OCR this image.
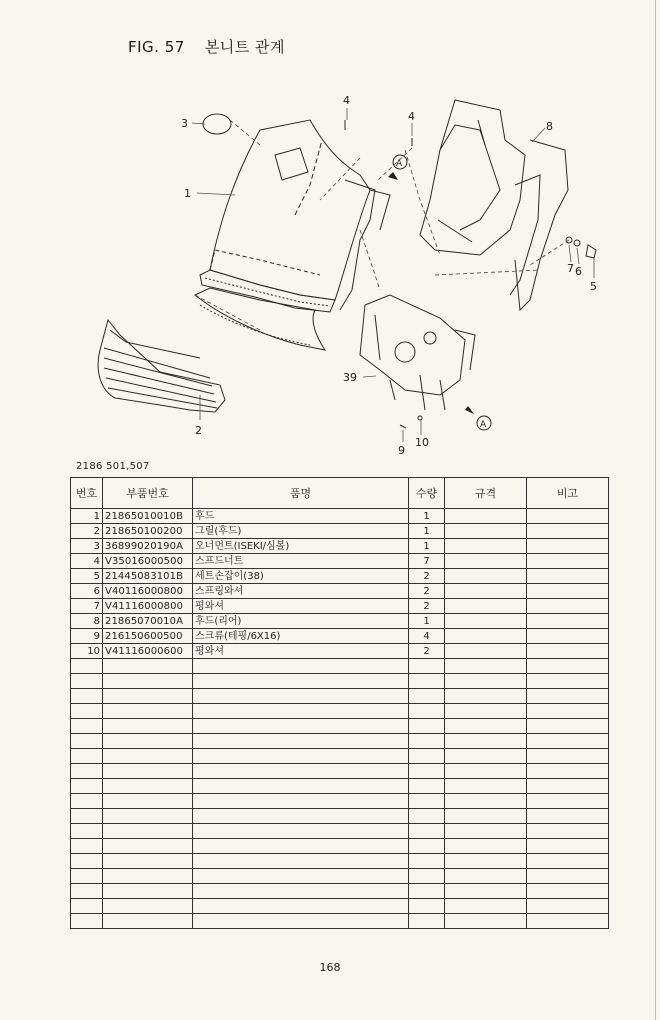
FIG. 57 본니트 관계
A
A
3
1
2
4
4
8
7 6
5
39
9
10
2186 501,507
번호	부품번호	품명	수량	규격	비고
1	21865010010B	후드	1		
2	218650100200	그릴(후드)	1		
3	36899020190A	오너먼트(ISEKI/심볼)	1		
4	V35016000500	스프드너트	7		
5	21445083101B	세트손잡이(38)	2		
6	V40116000800	스프링와셔	2		
7	V41116000800	평와셔	2		
8	21865070010A	후드(리어)	1		
9	216150600500	스크류(테핑/6X16)	4		
10	V41116000600	평와셔	2		

168
